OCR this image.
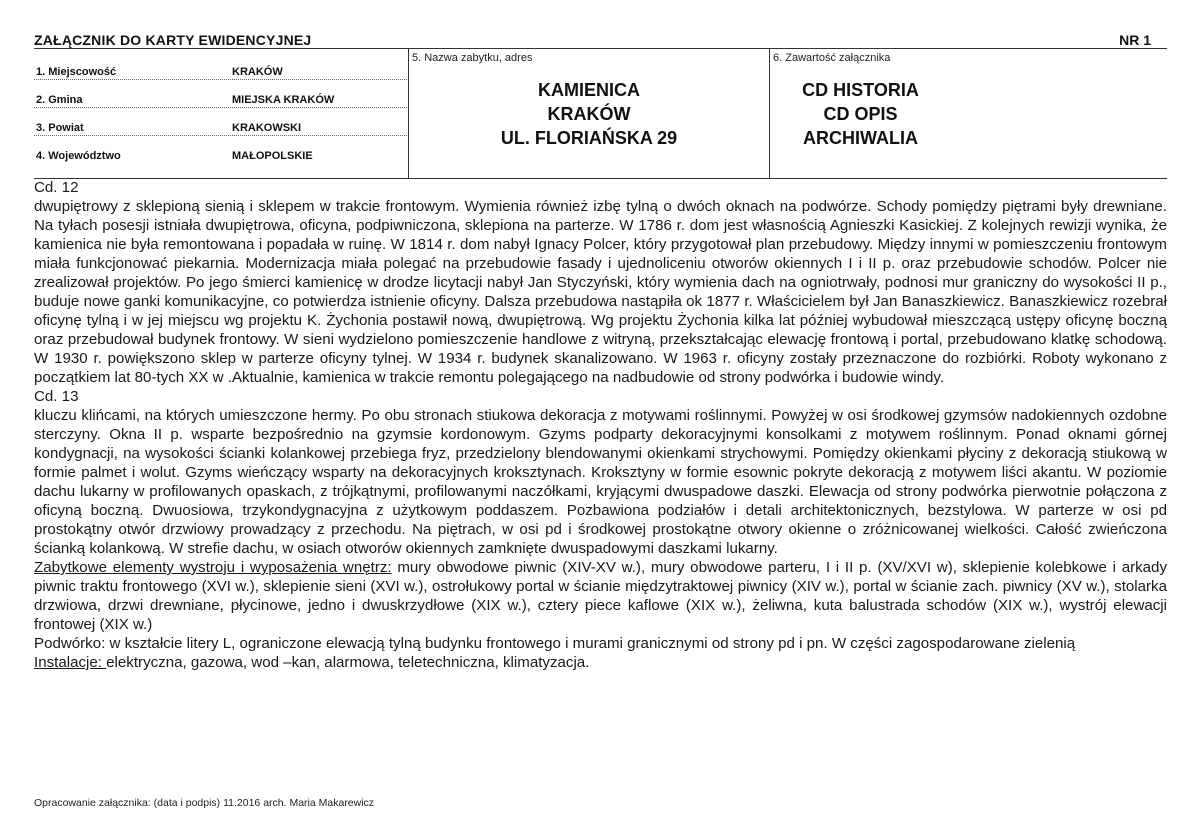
ZAŁĄCZNIK DO KARTY EWIDENCYJNEJ	NR 1
1. Miejscowość	KRAKÓW
2. Gmina	MIEJSKA KRAKÓW
3. Powiat	KRAKOWSKI
4. Województwo	MAŁOPOLSKIE
5. Nazwa zabytku, adres
KAMIENICA
KRAKÓW
UL. FLORIAŃSKA 29
6. Zawartość załącznika
CD HISTORIA
CD OPIS
ARCHIWALIA

Cd. 12

dwupiętrowy z sklepioną sienią i sklepem w trakcie frontowym. Wymienia również izbę tylną o dwóch oknach na podwórze. Schody pomiędzy piętrami były drewniane. Na tyłach posesji istniała dwupiętrowa, oficyna, podpiwniczona, sklepiona na parterze. W 1786 r. dom jest własnością Agnieszki Kasickiej. Z kolejnych rewizji wynika, że kamienica nie była remontowana i popadała w ruinę. W 1814 r. dom nabył Ignacy Polcer, który przygotował plan przebudowy. Między innymi w pomieszczeniu frontowym miała funkcjonować piekarnia. Modernizacja miała polegać na przebudowie fasady i ujednoliceniu otworów okiennych I i II p. oraz przebudowie schodów. Polcer nie zrealizował projektów. Po jego śmierci kamienicę w drodze licytacji nabył Jan Styczyński, który wymienia dach na ogniotrwały, podnosi mur graniczny do wysokości II p., buduje nowe ganki komunikacyjne, co potwierdza istnienie oficyny. Dalsza przebudowa nastąpiła ok 1877 r. Właścicielem był Jan Banaszkiewicz. Banaszkiewicz rozebrał oficynę tylną i w jej miejscu wg projektu K. Żychonia postawił nową, dwupiętrową. Wg projektu Żychonia kilka lat później wybudował mieszczącą ustępy oficynę boczną oraz przebudował budynek frontowy. W sieni wydzielono pomieszczenie handlowe z witryną, przekształcając elewację frontową i portal, przebudowano klatkę schodową. W 1930 r. powiększono sklep w parterze oficyny tylnej. W 1934 r. budynek skanalizowano. W 1963 r. oficyny zostały przeznaczone do rozbiórki. Roboty wykonano z początkiem lat 80-tych XX w .Aktualnie, kamienica w trakcie remontu polegającego na nadbudowie od strony podwórka i budowie windy.

Cd. 13

kluczu klińcami, na których umieszczone hermy. Po obu stronach stiukowa dekoracja z motywami roślinnymi. Powyżej w osi środkowej gzymsów nadokiennych ozdobne sterczyny. Okna II p. wsparte bezpośrednio na gzymsie kordonowym. Gzyms podparty dekoracyjnymi konsolkami z motywem roślinnym. Ponad oknami górnej kondygnacji, na wysokości ścianki kolankowej przebiega fryz, przedzielony blendowanymi okienkami strychowymi. Pomiędzy okienkami płyciny z dekoracją stiukową w formie palmet i wolut. Gzyms wieńczący wsparty na dekoracyjnych kroksztynach. Kroksztyny w formie esownic pokryte dekoracją z motywem liści akantu. W poziomie dachu lukarny w profilowanych opaskach, z trójkątnymi, profilowanymi naczółkami, kryjącymi dwuspadowe daszki. Elewacja od strony podwórka pierwotnie połączona z oficyną boczną. Dwuosiowa, trzykondygnacyjna z użytkowym poddaszem. Pozbawiona podziałów i detali architektonicznych, bezstylowa. W parterze w osi pd prostokątny otwór drzwiowy prowadzący z przechodu. Na piętrach, w osi pd i środkowej prostokątne otwory okienne o zróżnicowanej wielkości. Całość zwieńczona ścianką kolankową. W strefie dachu, w osiach otworów okiennych zamknięte dwuspadowymi daszkami lukarny.

Zabytkowe elementy wystroju i wyposażenia wnętrz: mury obwodowe piwnic (XIV-XV w.), mury obwodowe parteru, I i II p. (XV/XVI w), sklepienie kolebkowe i arkady piwnic traktu frontowego (XVI w.), sklepienie sieni (XVI w.), ostrołukowy portal w ścianie międzytraktowej piwnicy (XIV w.), portal w ścianie zach. piwnicy (XV w.), stolarka drzwiowa, drzwi drewniane, płycinowe, jedno i dwuskrzydłowe (XIX w.), cztery piece kaflowe (XIX w.), żeliwna, kuta balustrada schodów (XIX w.), wystrój elewacji frontowej (XIX w.)

Podwórko: w kształcie litery L, ograniczone elewacją tylną budynku frontowego i murami granicznymi od strony pd i pn. W części zagospodarowane zielenią

Instalacje: elektryczna, gazowa, wod –kan, alarmowa, teletechniczna, klimatyzacja.

Opracowanie załącznika: (data i podpis) 11.2016 arch. Maria Makarewicz
